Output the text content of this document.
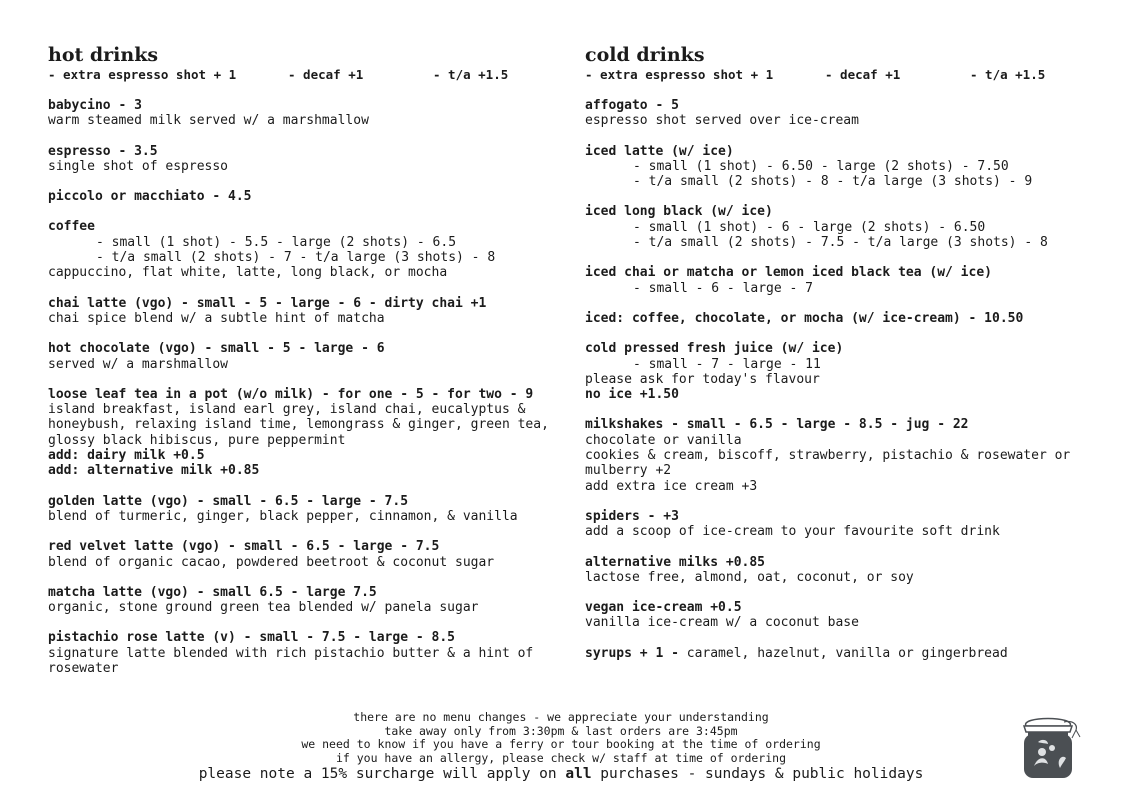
hot drinks
- extra espresso shot + 1	- decaf +1	- t/a +1.5
babycino - 3
warm steamed milk served w/ a marshmallow
espresso - 3.5
single shot of espresso
piccolo or macchiato - 4.5
coffee
- small (1 shot) - 5.5 - large (2 shots) - 6.5
- t/a small (2 shots) - 7 - t/a large (3 shots) - 8
cappuccino, flat white, latte, long black, or mocha
chai latte (vgo) - small - 5 - large - 6 - dirty chai +1
chai spice blend w/ a subtle hint of matcha
hot chocolate (vgo) - small - 5 - large - 6
served w/ a marshmallow
loose leaf tea in a pot (w/o milk) - for one - 5 - for two - 9
island breakfast, island earl grey, island chai, eucalyptus & honeybush, relaxing island time, lemongrass & ginger, green tea, glossy black hibiscus, pure peppermint
add: dairy milk +0.5
add: alternative milk +0.85
golden latte (vgo) - small - 6.5 - large - 7.5
blend of turmeric, ginger, black pepper, cinnamon, & vanilla
red velvet latte (vgo) - small - 6.5 - large - 7.5
blend of organic cacao, powdered beetroot & coconut sugar
matcha latte (vgo) - small 6.5 - large 7.5
organic, stone ground green tea blended w/ panela sugar
pistachio rose latte (v) - small - 7.5 - large - 8.5
signature latte blended with rich pistachio butter & a hint of rosewater
cold drinks
- extra espresso shot + 1	- decaf +1	- t/a +1.5
affogato - 5
espresso shot served over ice-cream
iced latte (w/ ice)
- small (1 shot) - 6.50 - large (2 shots) - 7.50
- t/a small (2 shots) - 8 - t/a large (3 shots) - 9
iced long black (w/ ice)
- small (1 shot) - 6 - large (2 shots) - 6.50
- t/a small (2 shots) - 7.5 - t/a large (3 shots) - 8
iced chai or matcha or lemon iced black tea (w/ ice)
- small - 6 - large - 7
iced: coffee, chocolate, or mocha (w/ ice-cream) - 10.50
cold pressed fresh juice (w/ ice)
- small - 7 - large - 11
please ask for today's flavour
no ice +1.50
milkshakes - small - 6.5 - large - 8.5 - jug - 22
chocolate or vanilla
cookies & cream, biscoff, strawberry, pistachio & rosewater or mulberry +2
add extra ice cream +3
spiders - +3
add a scoop of ice-cream to your favourite soft drink
alternative milks +0.85
lactose free, almond, oat, coconut, or soy
vegan ice-cream +0.5
vanilla ice-cream w/ a coconut base
syrups + 1 - caramel, hazelnut, vanilla or gingerbread
there are no menu changes - we appreciate your understanding
take away only from 3:30pm & last orders are 3:45pm
we need to know if you have a ferry or tour booking at the time of ordering
if you have an allergy, please check w/ staff at time of ordering
please note a 15% surcharge will apply on all purchases - sundays & public holidays
